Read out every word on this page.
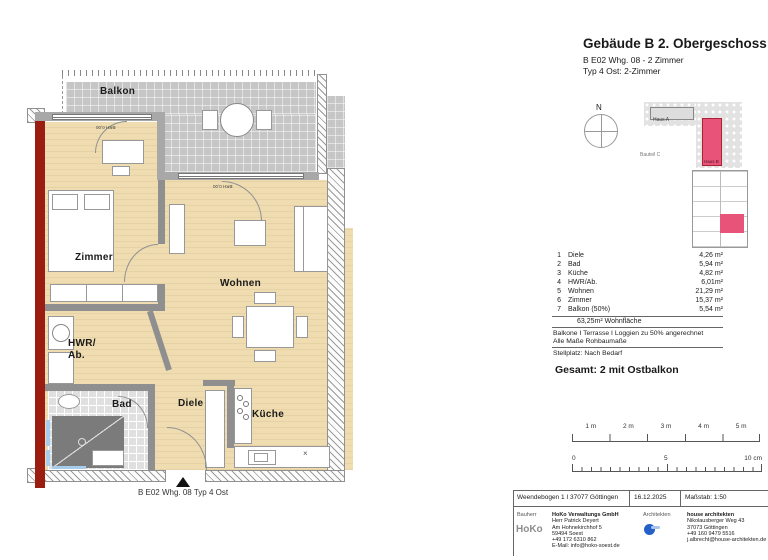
Balkon
×
BRH 0,00
BRH 0,00
Zimmer
Wohnen
HWR/
Ab.
Bad	Diele
Küche
B E02 Whg. 08 Typ 4 Ost
Gebäude B 2. Obergeschoss
B E02 Whg. 08 - 2 Zimmer
Typ 4 Ost: 2-Zimmer
N
Haus A
Haus B
Bauteil C
1 Diele	4,26 m²
2 Bad	5,94 m²
3 Küche	4,82 m²
4 HWR/Ab.	6,01m²
5 Wohnen	21,29 m²
6 Zimmer	15,37 m²
7 Balkon (50%)	5,54 m²
63,25m² Wohnfläche
Balkone I Terrasse I Loggien zu 50% angerechnet
Alle Maße Rohbaumaße
Stellplatz: Nach Bedarf
Gesamt: 2 mit Ostbalkon
1 m	2 m	3 m	4 m	5 m
0	5	10 cm
Weendebogen 1 I 37077 Göttingen 16.12.2025	Maßstab: 1:50
Bauherr
HoKo
HoKo Verwaltungs GmbH
Herr Patrick Deyert
Am Hohnekirchhof 5
59494 Soest
+49 172 6310 862
E-Mail: info@hoko-soest.de
Architekten	house architekten
Nikolausberger Weg 43
37073 Göttingen
+49 160 9479 5516
j.albrecht@house-architekten.de
